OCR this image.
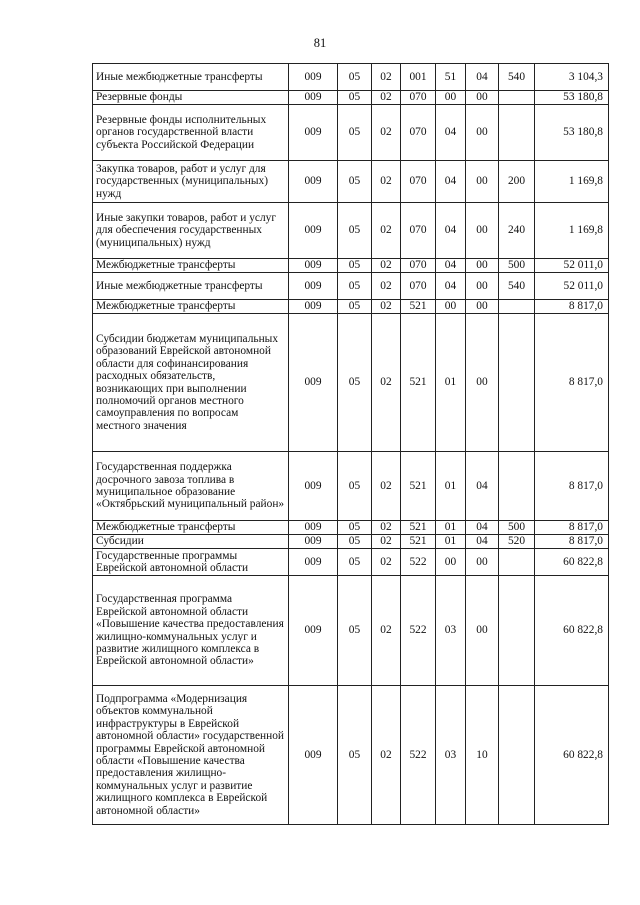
81
Иные межбюджетные трансферты	009	05	02	001	51	04	540	3 104,3
Резервные фонды	009	05	02	070	00	00		53 180,8
Резервные фонды исполнительных органов государственной власти субъекта Российской Федерации	009	05	02	070	04	00		53 180,8
Закупка товаров, работ и услуг для государственных (муниципальных) нужд	009	05	02	070	04	00	200	1 169,8
Иные закупки товаров, работ и услуг для обеспечения государственных (муниципальных) нужд	009	05	02	070	04	00	240	1 169,8
Межбюджетные трансферты	009	05	02	070	04	00	500	52 011,0
Иные межбюджетные трансферты	009	05	02	070	04	00	540	52 011,0
Межбюджетные трансферты	009	05	02	521	00	00		8 817,0
Субсидии бюджетам муниципальных образований Еврейской автономной области для софинансирования расходных обязательств, возникающих при выполнении полномочий органов местного самоуправления по вопросам местного значения	009	05	02	521	01	00		8 817,0
Государственная поддержка досрочного завоза топлива в муниципальное образование «Октябрьский муниципальный район»	009	05	02	521	01	04		8 817,0
Межбюджетные трансферты	009	05	02	521	01	04	500	8 817,0
Субсидии	009	05	02	521	01	04	520	8 817,0
Государственные программы Еврейской автономной области	009	05	02	522	00	00		60 822,8
Государственная программа Еврейской автономной области «Повышение качества предоставления жилищно-коммунальных услуг и развитие жилищного комплекса в Еврейской автономной области»	009	05	02	522	03	00		60 822,8
Подпрограмма «Модернизация объектов коммунальной инфраструктуры в Еврейской автономной области» государственной программы Еврейской автономной области «Повышение качества предоставления жилищно-коммунальных услуг и развитие жилищного комплекса в Еврейской автономной области»	009	05	02	522	03	10		60 822,8
